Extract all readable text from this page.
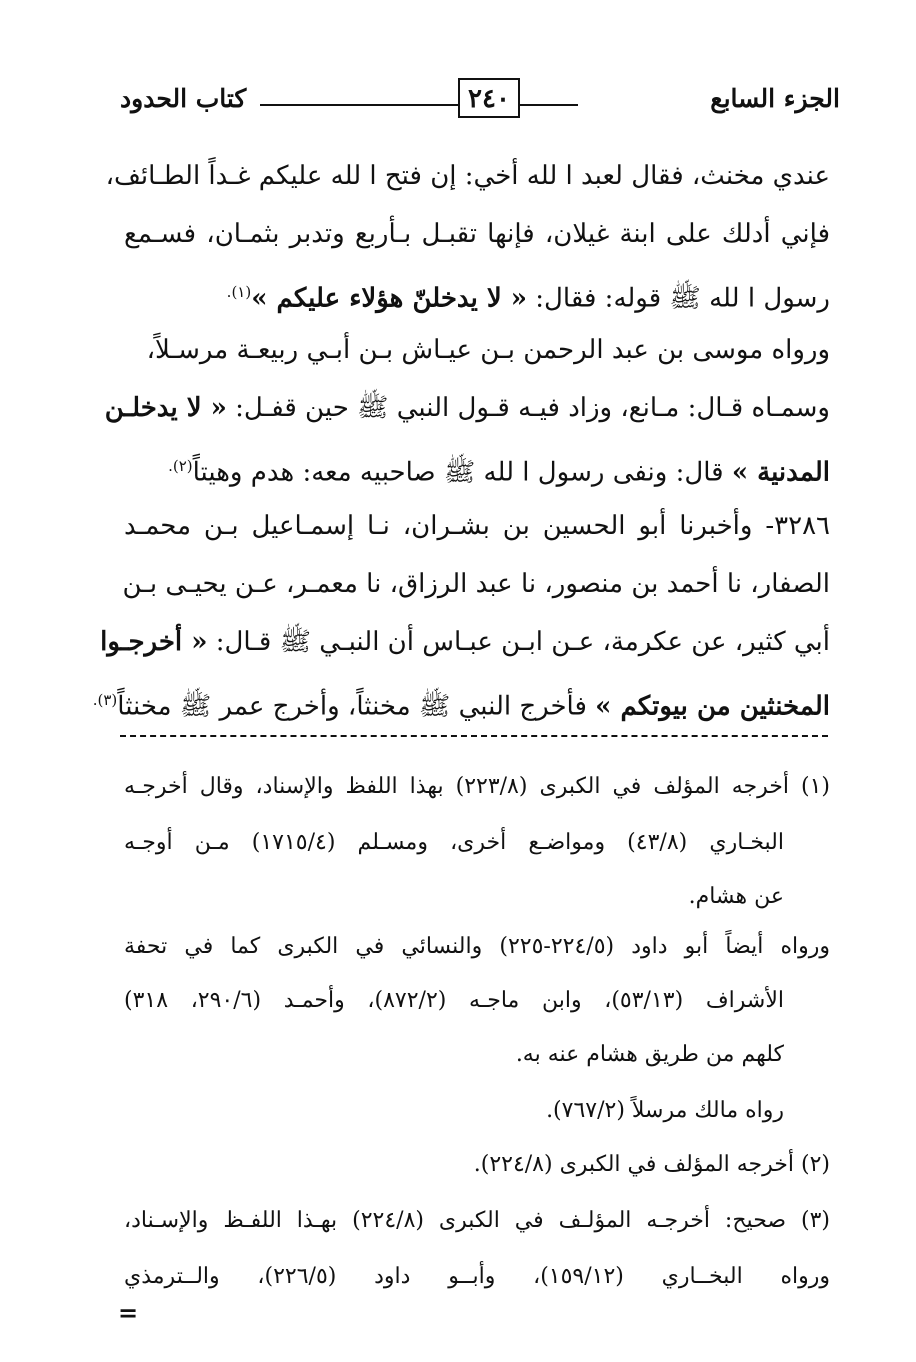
الجزء السابع
٢٤٠
كتاب الحدود
عندي مخنث، فقال لعبد ا لله أخي: إن فتح ا لله عليكم غـداً الطـائف،
فإني أدلك على ابنة غيلان، فإنها تقبـل بـأربع وتدبر بثمـان، فسـمع
رسول ا لله ﷺ قوله: فقال: « لا يدخلنّ هؤلاء عليكم »$^{(١).}$
ورواه موسى بن عبد الرحمن بـن عيـاش بـن أبـي ربيعـة مرسـلاً،
وسمـاه قـال: مـانع، وزاد فيـه قـول النبي ﷺ حين قفـل: « لا يدخلـن
المدنية » قال: ونفى رسول ا لله ﷺ صاحبيه معه: هدم وهيتاً$^{(٢).}$
٣٢٨٦- وأخبرنا أبو الحسين بن بشـران، نـا إسمـاعيل بـن محمـد
الصفار، نا أحمد بن منصور، نا عبد الرزاق، نا معمـر، عـن يحيـى بـن
أبي كثير، عن عكرمة، عـن ابـن عبـاس أن النبـي ﷺ قـال: « أخرجـوا
المخنثين من بيوتكم » فأخرج النبي ﷺ مخنثاً، وأخرج عمر ﷺ مخنثاً$^{(٣).}$
(١) أخرجه المؤلف في الكبرى (٢٢٣/٨) بهذا اللفظ والإسناد، وقال أخرجـه
البخـاري (٤٣/٨) ومواضـع أخرى، ومسـلم (١٧١٥/٤) مـن أوجـه
عن هشام.
ورواه أيضاً أبو داود (٢٢٤/٥-٢٢٥) والنسائي في الكبرى كما في تحفة
الأشراف (٥٣/١٣)، وابن ماجـه (٨٧٢/٢)، وأحمـد (٢٩٠/٦، ٣١٨)
كلهم من طريق هشام عنه به.
رواه مالك مرسلاً (٧٦٧/٢).
(٢) أخرجه المؤلف في الكبرى (٢٢٤/٨).
(٣) صحيح: أخرجـه المؤلـف في الكبرى (٢٢٤/٨) بهـذا اللفـظ والإسـناد،
ورواه البخــاري (١٥٩/١٢)، وأبــو داود (٢٢٦/٥)، والــترمذي
=
